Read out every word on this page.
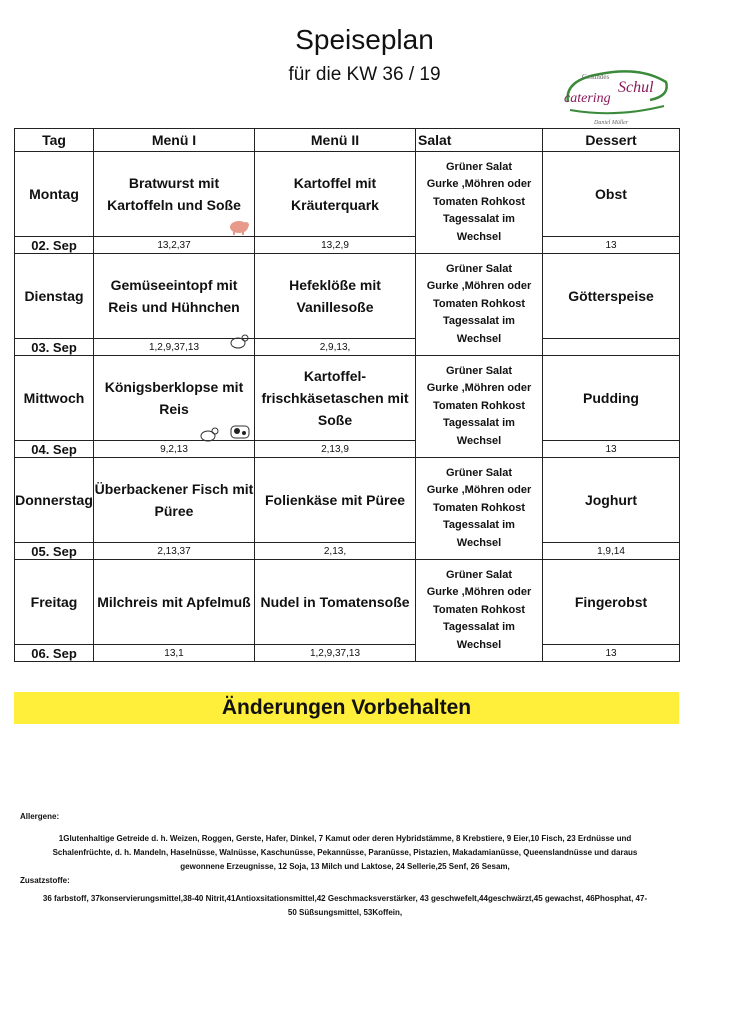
Speiseplan
für die KW 36 / 19	Gesundes
Schul
catering
Daniel Müller
Tag	Menü I	Menü II	Salat	Dessert
Montag	Bratwurst mit Kartoffeln und Soße	Kartoffel mit Kräuterquark	Grüner Salat
Gurke ,Möhren oder
Tomaten Rohkost
Tagessalat im
Wechsel	Obst
02. Sep	13,2,37	13,2,9		13
Dienstag	Gemüseeintopf mit Reis und Hühnchen	Hefeklöße mit Vanillesoße	Grüner Salat
Gurke ,Möhren oder
Tomaten Rohkost
Tagessalat im
Wechsel	Götterspeise
03. Sep	1,2,9,37,13	2,9,13,		
Mittwoch	Königsberklopse mit Reis	Kartoffel-frischkäsetaschen mit Soße	Grüner Salat
Gurke ,Möhren oder
Tomaten Rohkost
Tagessalat im
Wechsel	Pudding
04. Sep	9,2,13	2,13,9		13
Donnerstag	Überbackener Fisch mit Püree	Folienkäse mit Püree	Grüner Salat
Gurke ,Möhren oder
Tomaten Rohkost
Tagessalat im
Wechsel	Joghurt
05. Sep	2,13,37	2,13,		1,9,14
Freitag	Milchreis mit Apfelmuß	Nudel in Tomatensoße	Grüner Salat
Gurke ,Möhren oder
Tomaten Rohkost
Tagessalat im
Wechsel	Fingerobst
06. Sep	13,1	1,2,9,37,13		13
Änderungen Vorbehalten
Allergene:
1Glutenhaltige Getreide d. h. Weizen, Roggen, Gerste, Hafer, Dinkel, 7 Kamut oder deren Hybridstämme, 8 Krebstiere, 9 Eier,10 Fisch, 23 Erdnüsse und
Schalenfrüchte, d. h. Mandeln, Haselnüsse, Walnüsse, Kaschunüsse, Pekannüsse, Paranüsse, Pistazien, Makadamianüsse, Queenslandnüsse und daraus
gewonnene Erzeugnisse, 12 Soja, 13 Milch und Laktose, 24 Sellerie,25 Senf, 26 Sesam,
Zusatzstoffe:
36 farbstoff, 37konservierungsmittel,38-40 Nitrit,41Antioxsitationsmittel,42 Geschmacksverstärker, 43 geschwefelt,44geschwärzt,45 gewachst, 46Phosphat, 47-
50 Süßsungsmittel, 53Koffein,
